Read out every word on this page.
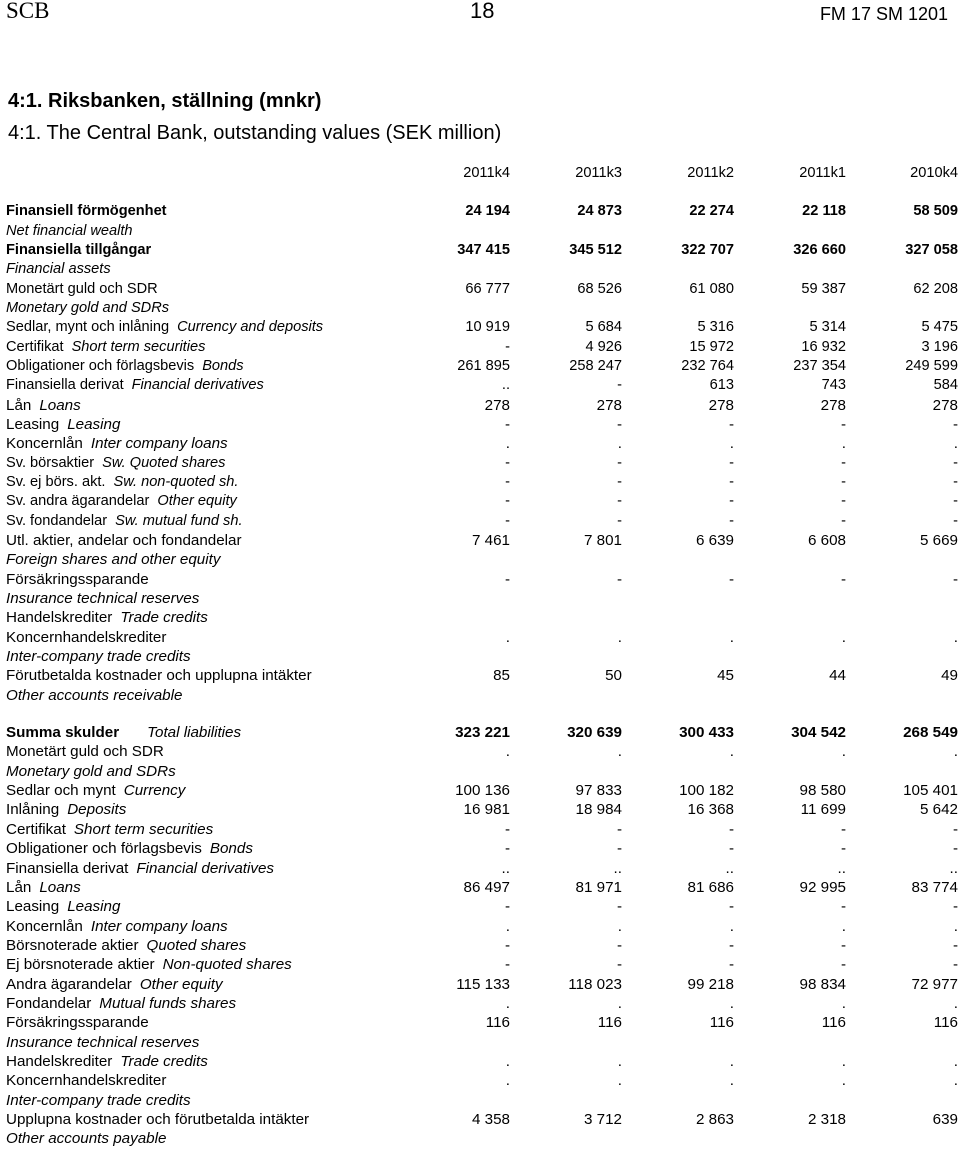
SCB	18	FM 17 SM 1201
4:1. Riksbanken, ställning (mnkr)
4:1. The Central Bank, outstanding values (SEK million)
	2011k4	2011k3	2011k2	2011k1	2010k4

Finansiell förmögenhet	24 194	24 873	22 274	22 118	58 509
Net financial wealth					
Finansiella tillgångar	347 415	345 512	322 707	326 660	327 058
Financial assets					
Monetärt guld och SDR	66 777	68 526	61 080	59 387	62 208
Monetary gold and SDRs					
Sedlar, mynt och inlåning Currency and deposits	10 919	5 684	5 316	5 314	5 475
Certifikat Short term securities	-	4 926	15 972	16 932	3 196
Obligationer och förlagsbevis Bonds	261 895	258 247	232 764	237 354	249 599
Finansiella derivat Financial derivatives	..	-	613	743	584
Lån Loans	278	278	278	278	278
Leasing Leasing	-	-	-	-	-
Koncernlån Inter company loans	.	.	.	.	.
Sv. börsaktier Sw. Quoted shares	-	-	-	-	-
Sv. ej börs. akt. Sw. non-quoted sh.	-	-	-	-	-
Sv. andra ägarandelar Other equity	-	-	-	-	-
Sv. fondandelar Sw. mutual fund sh.	-	-	-	-	-
Utl. aktier, andelar och fondandelar	7 461	7 801	6 639	6 608	5 669
Foreign shares and other equity					
Försäkringssparande	-	-	-	-	-
Insurance technical reserves					
Handelskrediter Trade credits					
Koncernhandelskrediter	.	.	.	.	.
Inter-company trade credits					
Förutbetalda kostnader och upplupna intäkter	85	50	45	44	49
Other accounts receivable					

Summa skulder Total liabilities	323 221	320 639	300 433	304 542	268 549
Monetärt guld och SDR	.	.	.	.	.
Monetary gold and SDRs					
Sedlar och mynt Currency	100 136	97 833	100 182	98 580	105 401
Inlåning Deposits	16 981	18 984	16 368	11 699	5 642
Certifikat Short term securities	-	-	-	-	-
Obligationer och förlagsbevis Bonds	-	-	-	-	-
Finansiella derivat Financial derivatives	..	..	..	..	..
Lån Loans	86 497	81 971	81 686	92 995	83 774
Leasing Leasing	-	-	-	-	-
Koncernlån Inter company loans	.	.	.	.	.
Börsnoterade aktier Quoted shares	-	-	-	-	-
Ej börsnoterade aktier Non-quoted shares	-	-	-	-	-
Andra ägarandelar Other equity	115 133	118 023	99 218	98 834	72 977
Fondandelar Mutual funds shares	.	.	.	.	.
Försäkringssparande	116	116	116	116	116
Insurance technical reserves					
Handelskrediter Trade credits	.	.	.	.	.
Koncernhandelskrediter	.	.	.	.	.
Inter-company trade credits					
Upplupna kostnader och förutbetalda intäkter	4 358	3 712	2 863	2 318	639
Other accounts payable					
